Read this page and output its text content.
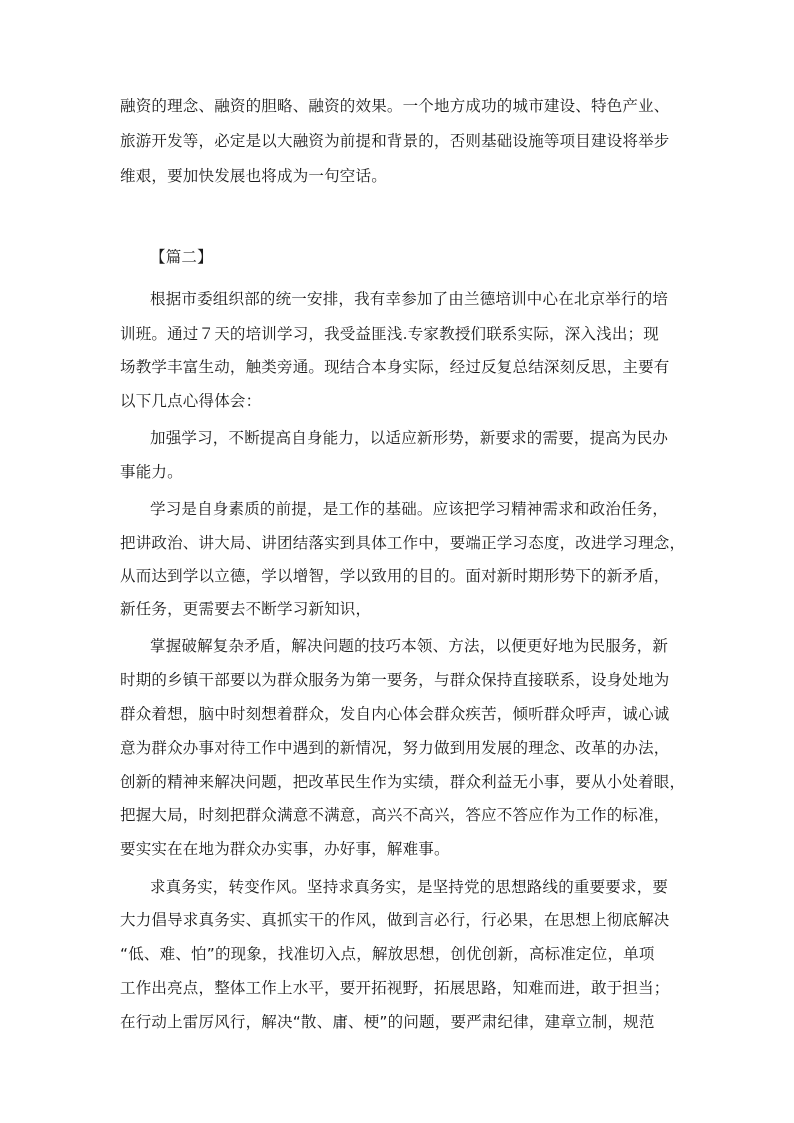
融资的理念、融资的胆略、融资的效果。一个地方成功的城市建设、特色产业、
旅游开发等，必定是以大融资为前提和背景的，否则基础设施等项目建设将举步
维艰，要加快发展也将成为一句空话。
【篇二】
根据市委组织部的统一安排，我有幸参加了由兰德培训中心在北京举行的培
训班。通过７天的培训学习，我受益匪浅.专家教授们联系实际，深入浅出；现
场教学丰富生动，触类旁通。现结合本身实际，经过反复总结深刻反思，主要有
以下几点心得体会：
加强学习，不断提高自身能力，以适应新形势，新要求的需要，提高为民办
事能力。
学习是自身素质的前提，是工作的基础。应该把学习精神需求和政治任务，
把讲政治、讲大局、讲团结落实到具体工作中，要端正学习态度，改进学习理念，
从而达到学以立德，学以增智，学以致用的目的。面对新时期形势下的新矛盾，
新任务，更需要去不断学习新知识，
掌握破解复杂矛盾，解决问题的技巧本领、方法，以便更好地为民服务，新
时期的乡镇干部要以为群众服务为第一要务，与群众保持直接联系，设身处地为
群众着想，脑中时刻想着群众，发自内心体会群众疾苦，倾听群众呼声，诚心诚
意为群众办事对待工作中遇到的新情况，努力做到用发展的理念、改革的办法，
创新的精神来解决问题，把改革民生作为实绩，群众利益无小事，要从小处着眼，
把握大局，时刻把群众满意不满意，高兴不高兴，答应不答应作为工作的标准，
要实实在在地为群众办实事，办好事，解难事。
求真务实，转变作风。坚持求真务实，是坚持党的思想路线的重要要求，要
大力倡导求真务实、真抓实干的作风，做到言必行，行必果，在思想上彻底解决
“低、难、怕”的现象，找准切入点，解放思想，创优创新，高标准定位，单项
工作出亮点，整体工作上水平，要开拓视野，拓展思路，知难而进，敢于担当；
在行动上雷厉风行，解决“散、庸、梗”的问题，要严肃纪律，建章立制，规范
